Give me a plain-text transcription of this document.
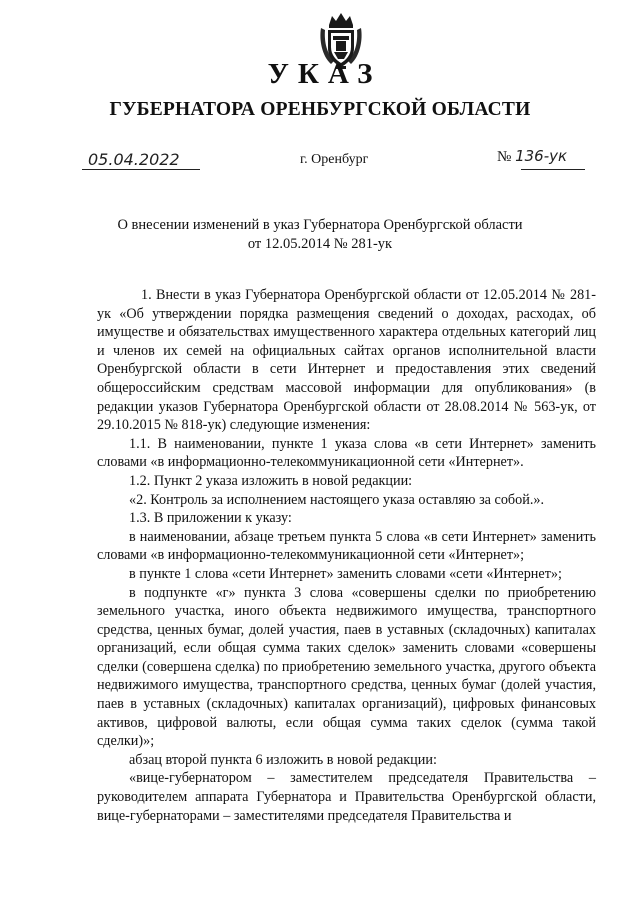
УКАЗ
ГУБЕРНАТОРА ОРЕНБУРГСКОЙ ОБЛАСТИ
05.04.2022	г. Оренбург	№ 136-ук
О внесении изменений в указ Губернатора Оренбургской области
от 12.05.2014 № 281-ук

1. Внести в указ Губернатора Оренбургской области от 12.05.2014 № 281-ук «Об утверждении порядка размещения сведений о доходах, расходах, об имуществе и обязательствах имущественного характера отдельных категорий лиц и членов их семей на официальных сайтах органов исполнительной власти Оренбургской области в сети Интернет и предоставления этих сведений общероссийским средствам массовой информации для опубликования» (в редакции указов Губернатора Оренбургской области от 28.08.2014 № 563-ук, от 29.10.2015 № 818-ук) следующие изменения:

1.1. В наименовании, пункте 1 указа слова «в сети Интернет» заменить словами «в информационно-телекоммуникационной сети «Интернет».

1.2. Пункт 2 указа изложить в новой редакции:

«2. Контроль за исполнением настоящего указа оставляю за собой.».

1.3. В приложении к указу:

в наименовании, абзаце третьем пункта 5 слова «в сети Интернет» заменить словами «в информационно-телекоммуникационной сети «Интернет»;

в пункте 1 слова «сети Интернет» заменить словами «сети «Интернет»;

в подпункте «г» пункта 3 слова «совершены сделки по приобретению земельного участка, иного объекта недвижимого имущества, транспортного средства, ценных бумаг, долей участия, паев в уставных (складочных) капиталах организаций, если общая сумма таких сделок» заменить словами «совершены сделки (совершена сделка) по приобретению земельного участка, другого объекта недвижимого имущества, транспортного средства, ценных бумаг (долей участия, паев в уставных (складочных) капиталах организаций), цифровых финансовых активов, цифровой валюты, если общая сумма таких сделок (сумма такой сделки)»;

абзац второй пункта 6 изложить в новой редакции:

«вице-губернатором – заместителем председателя Правительства – руководителем аппарата Губернатора и Правительства Оренбургской области, вице-губернаторами – заместителями председателя Правительства и
